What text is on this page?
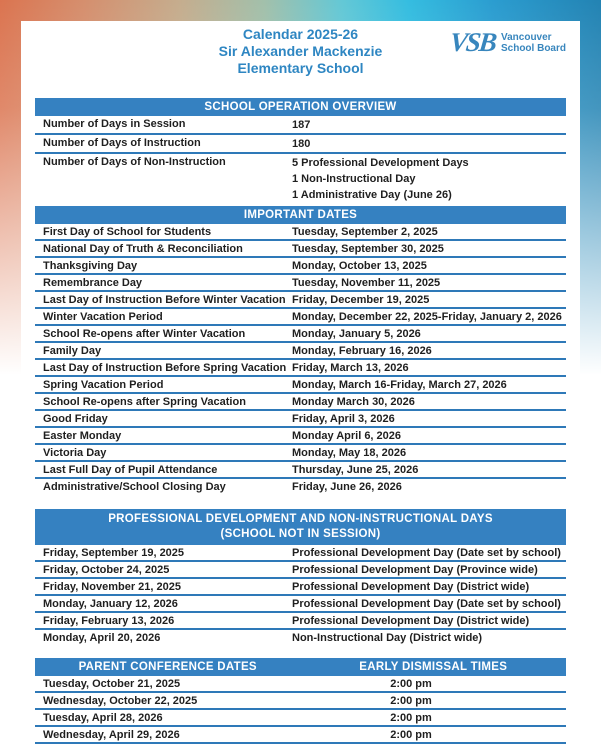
Calendar 2025-26
Sir Alexander Mackenzie
Elementary School
VSB Vancouver
School Board
SCHOOL OPERATION OVERVIEW
Number of Days in Session	187
Number of Days of Instruction	180
Number of Days of Non-Instruction	5 Professional Development Days
1 Non-Instructional Day
1 Administrative Day (June 26)
IMPORTANT DATES
First Day of School for Students	Tuesday, September 2, 2025
National Day of Truth & Reconciliation	Tuesday, September 30, 2025
Thanksgiving Day	Monday, October 13, 2025
Remembrance Day	Tuesday, November 11, 2025
Last Day of Instruction Before Winter Vacation Friday, December 19, 2025
Winter Vacation Period	Monday, December 22, 2025-Friday, January 2, 2026
School Re-opens after Winter Vacation	Monday, January 5, 2026
Family Day	Monday, February 16, 2026
Last Day of Instruction Before Spring Vacation Friday, March 13, 2026
Spring Vacation Period	Monday, March 16-Friday, March 27, 2026
School Re-opens after Spring Vacation	Monday March 30, 2026
Good Friday	Friday, April 3, 2026
Easter Monday	Monday April 6, 2026
Victoria Day	Monday, May 18, 2026
Last Full Day of Pupil Attendance	Thursday, June 25, 2026
Administrative/School Closing Day	Friday, June 26, 2026
PROFESSIONAL DEVELOPMENT AND NON-INSTRUCTIONAL DAYS
(SCHOOL NOT IN SESSION)
Friday, September 19, 2025	Professional Development Day (Date set by school)
Friday, October 24, 2025	Professional Development Day (Province wide)
Friday, November 21, 2025	Professional Development Day (District wide)
Monday, January 12, 2026	Professional Development Day (Date set by school)
Friday, February 13, 2026	Professional Development Day (District wide)
Monday, April 20, 2026	Non-Instructional Day (District wide)
PARENT CONFERENCE DATES	EARLY DISMISSAL TIMES
Tuesday, October 21, 2025	2:00 pm
Wednesday, October 22, 2025	2:00 pm
Tuesday, April 28, 2026	2:00 pm
Wednesday, April 29, 2026	2:00 pm
